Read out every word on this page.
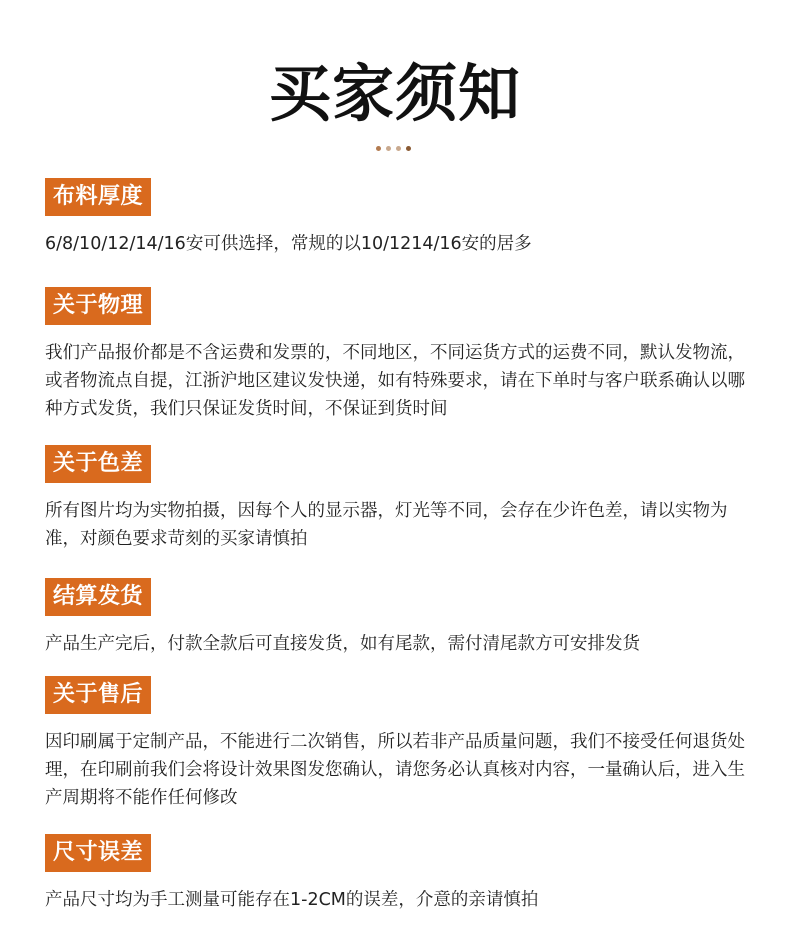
买家须知
布料厚度
6/8/10/12/14/16安可供选择，常规的以10/1214/16安的居多
关于物理
我们产品报价都是不含运费和发票的，不同地区，不同运货方式的运费不同，默认发物流，或者物流点自提，江浙沪地区建议发快递，如有特殊要求，请在下单时与客户联系确认以哪种方式发货，我们只保证发货时间，不保证到货时间
关于色差
所有图片均为实物拍摄，因每个人的显示器，灯光等不同，会存在少许色差，请以实物为准，对颜色要求苛刻的买家请慎拍
结算发货
产品生产完后，付款全款后可直接发货，如有尾款，需付清尾款方可安排发货
关于售后
因印刷属于定制产品，不能进行二次销售，所以若非产品质量问题，我们不接受任何退货处理，在印刷前我们会将设计效果图发您确认，请您务必认真核对内容，一量确认后，进入生产周期将不能作任何修改
尺寸误差
产品尺寸均为手工测量可能存在1-2CM的误差，介意的亲请慎拍
